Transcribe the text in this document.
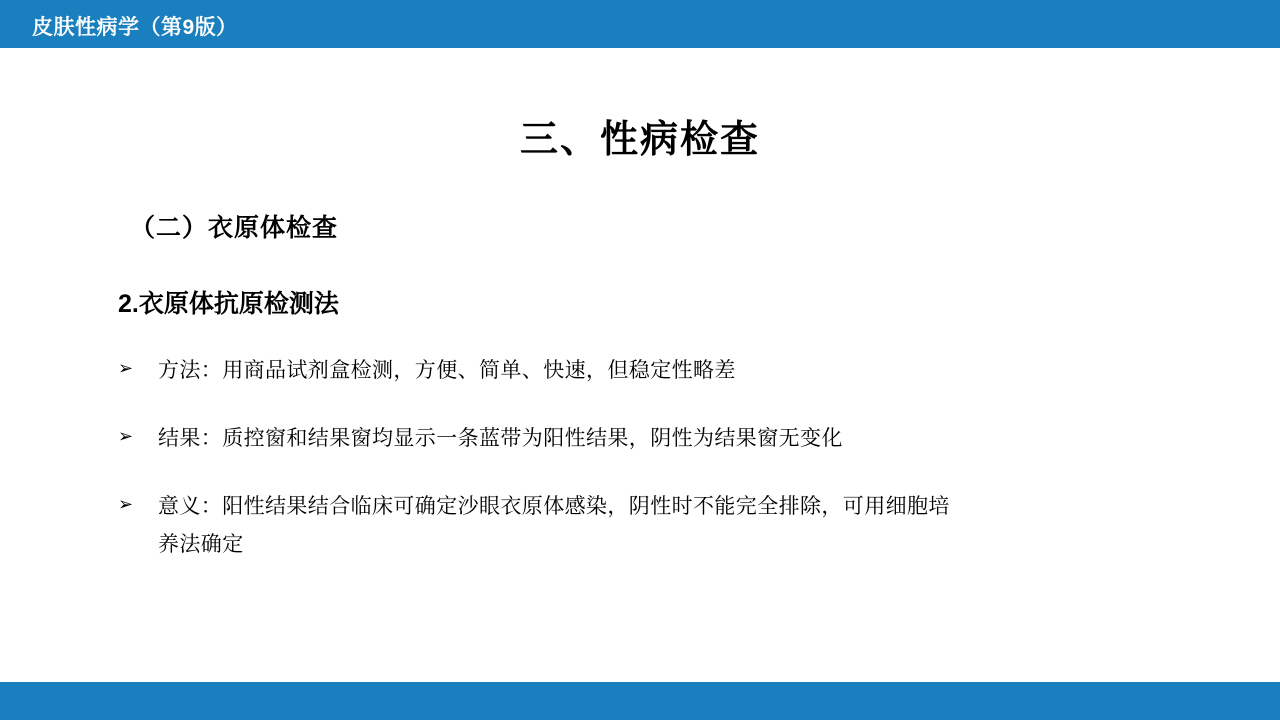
皮肤性病学（第9版）
三、性病检查
（二）衣原体检查
2.衣原体抗原检测法
➢	方法：用商品试剂盒检测，方便、简单、快速，但稳定性略差
➢	结果：质控窗和结果窗均显示一条蓝带为阳性结果，阴性为结果窗无变化
➢	意义：阳性结果结合临床可确定沙眼衣原体感染，阴性时不能完全排除，可用细胞培
养法确定
